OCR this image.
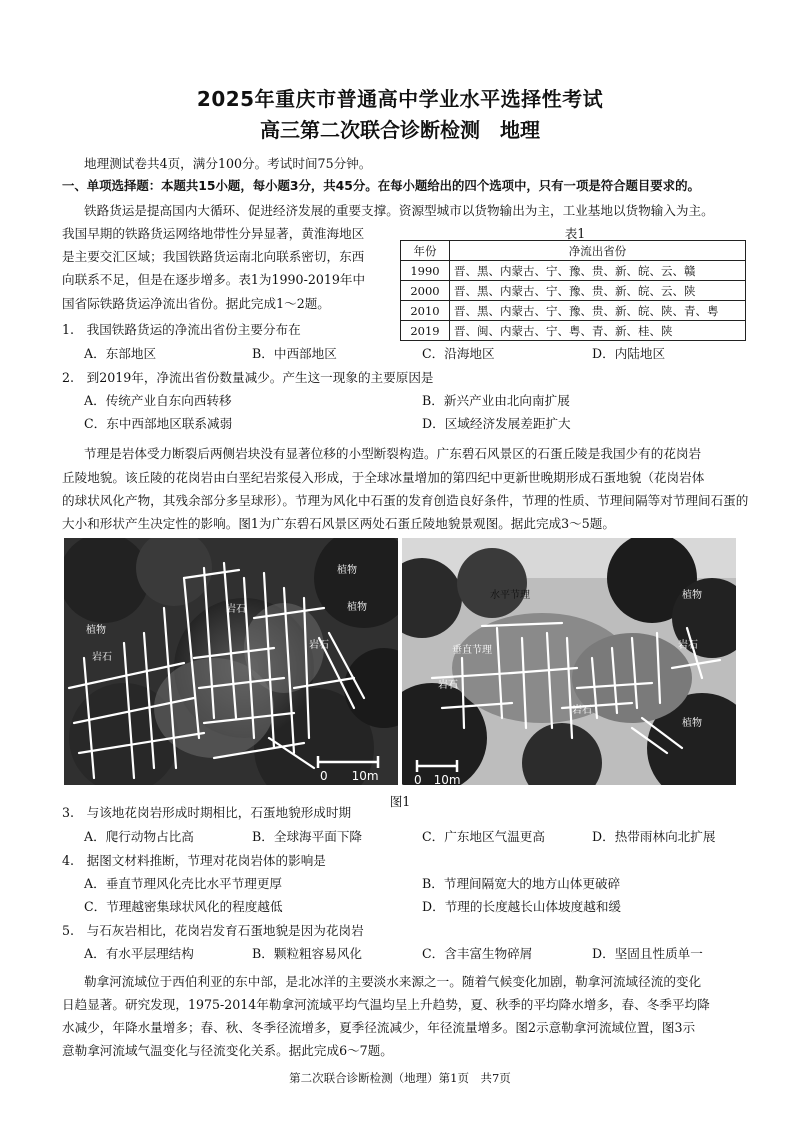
2025年重庆市普通高中学业水平选择性考试
高三第二次联合诊断检测　地理
地理测试卷共4页，满分100分。考试时间75分钟。
一、单项选择题：本题共15小题，每小题3分，共45分。在每小题给出的四个选项中，只有一项是符合题目要求的。
铁路货运是提高国内大循环、促进经济发展的重要支撑。资源型城市以货物输出为主，工业基地以货物输入为主。
我国早期的铁路货运网络地带性分异显著，黄淮海地区
是主要交汇区域；我国铁路货运南北向联系密切，东西
向联系不足，但是在逐步增多。表1为1990-2019年中
国省际铁路货运净流出省份。据此完成1～2题。
表1
年份	净流出省份
1990	晋、黑、内蒙古、宁、豫、贵、新、皖、云、赣
2000	晋、黑、内蒙古、宁、豫、贵、新、皖、云、陕
2010	晋、黑、内蒙古、宁、豫、贵、新、皖、陕、青、粤
2019	晋、闽、内蒙古、宁、粤、青、新、桂、陕
1.　我国铁路货运的净流出省份主要分布在
A．东部地区	B．中西部地区	C．沿海地区	D．内陆地区
2.　到2019年，净流出省份数量减少。产生这一现象的主要原因是
A．传统产业自东向西转移	B．新兴产业由北向南扩展
C．东中西部地区联系减弱	D．区域经济发展差距扩大
节理是岩体受力断裂后两侧岩块没有显著位移的小型断裂构造。广东碧石风景区的石蛋丘陵是我国少有的花岗岩
丘陵地貌。该丘陵的花岗岩由白垩纪岩浆侵入形成，于全球冰量增加的第四纪中更新世晚期形成石蛋地貌（花岗岩体
的球状风化产物，其残余部分多呈球形）。节理为风化中石蛋的发育创造良好条件，节理的性质、节理间隔等对节理间石蛋的
大小和形状产生决定性的影响。图1为广东碧石风景区两处石蛋丘陵地貌景观图。据此完成3～5题。
植物
植物
植物
岩石
岩石
岩石
0　　10m
水平节理
垂直节理
植物
植物
岩石
岩石
岩石
0　10m
图1
3.　与该地花岗岩形成时期相比，石蛋地貌形成时期
A．爬行动物占比高	B．全球海平面下降	C．广东地区气温更高	D．热带雨林向北扩展
4.　据图文材料推断，节理对花岗岩体的影响是
A．垂直节理风化壳比水平节理更厚	B．节理间隔宽大的地方山体更破碎
C．节理越密集球状风化的程度越低	D．节理的长度越长山体坡度越和缓
5.　与石灰岩相比，花岗岩发育石蛋地貌是因为花岗岩
A．有水平层理结构	B．颗粒粗容易风化	C．含丰富生物碎屑	D．坚固且性质单一
勒拿河流域位于西伯利亚的东中部，是北冰洋的主要淡水来源之一。随着气候变化加剧，勒拿河流域径流的变化
日趋显著。研究发现，1975-2014年勒拿河流域平均气温均呈上升趋势，夏、秋季的平均降水增多，春、冬季平均降
水减少，年降水量增多；春、秋、冬季径流增多，夏季径流减少，年径流量增多。图2示意勒拿河流域位置，图3示
意勒拿河流域气温变化与径流变化关系。据此完成6～7题。
第二次联合诊断检测（地理）第1页　共7页
